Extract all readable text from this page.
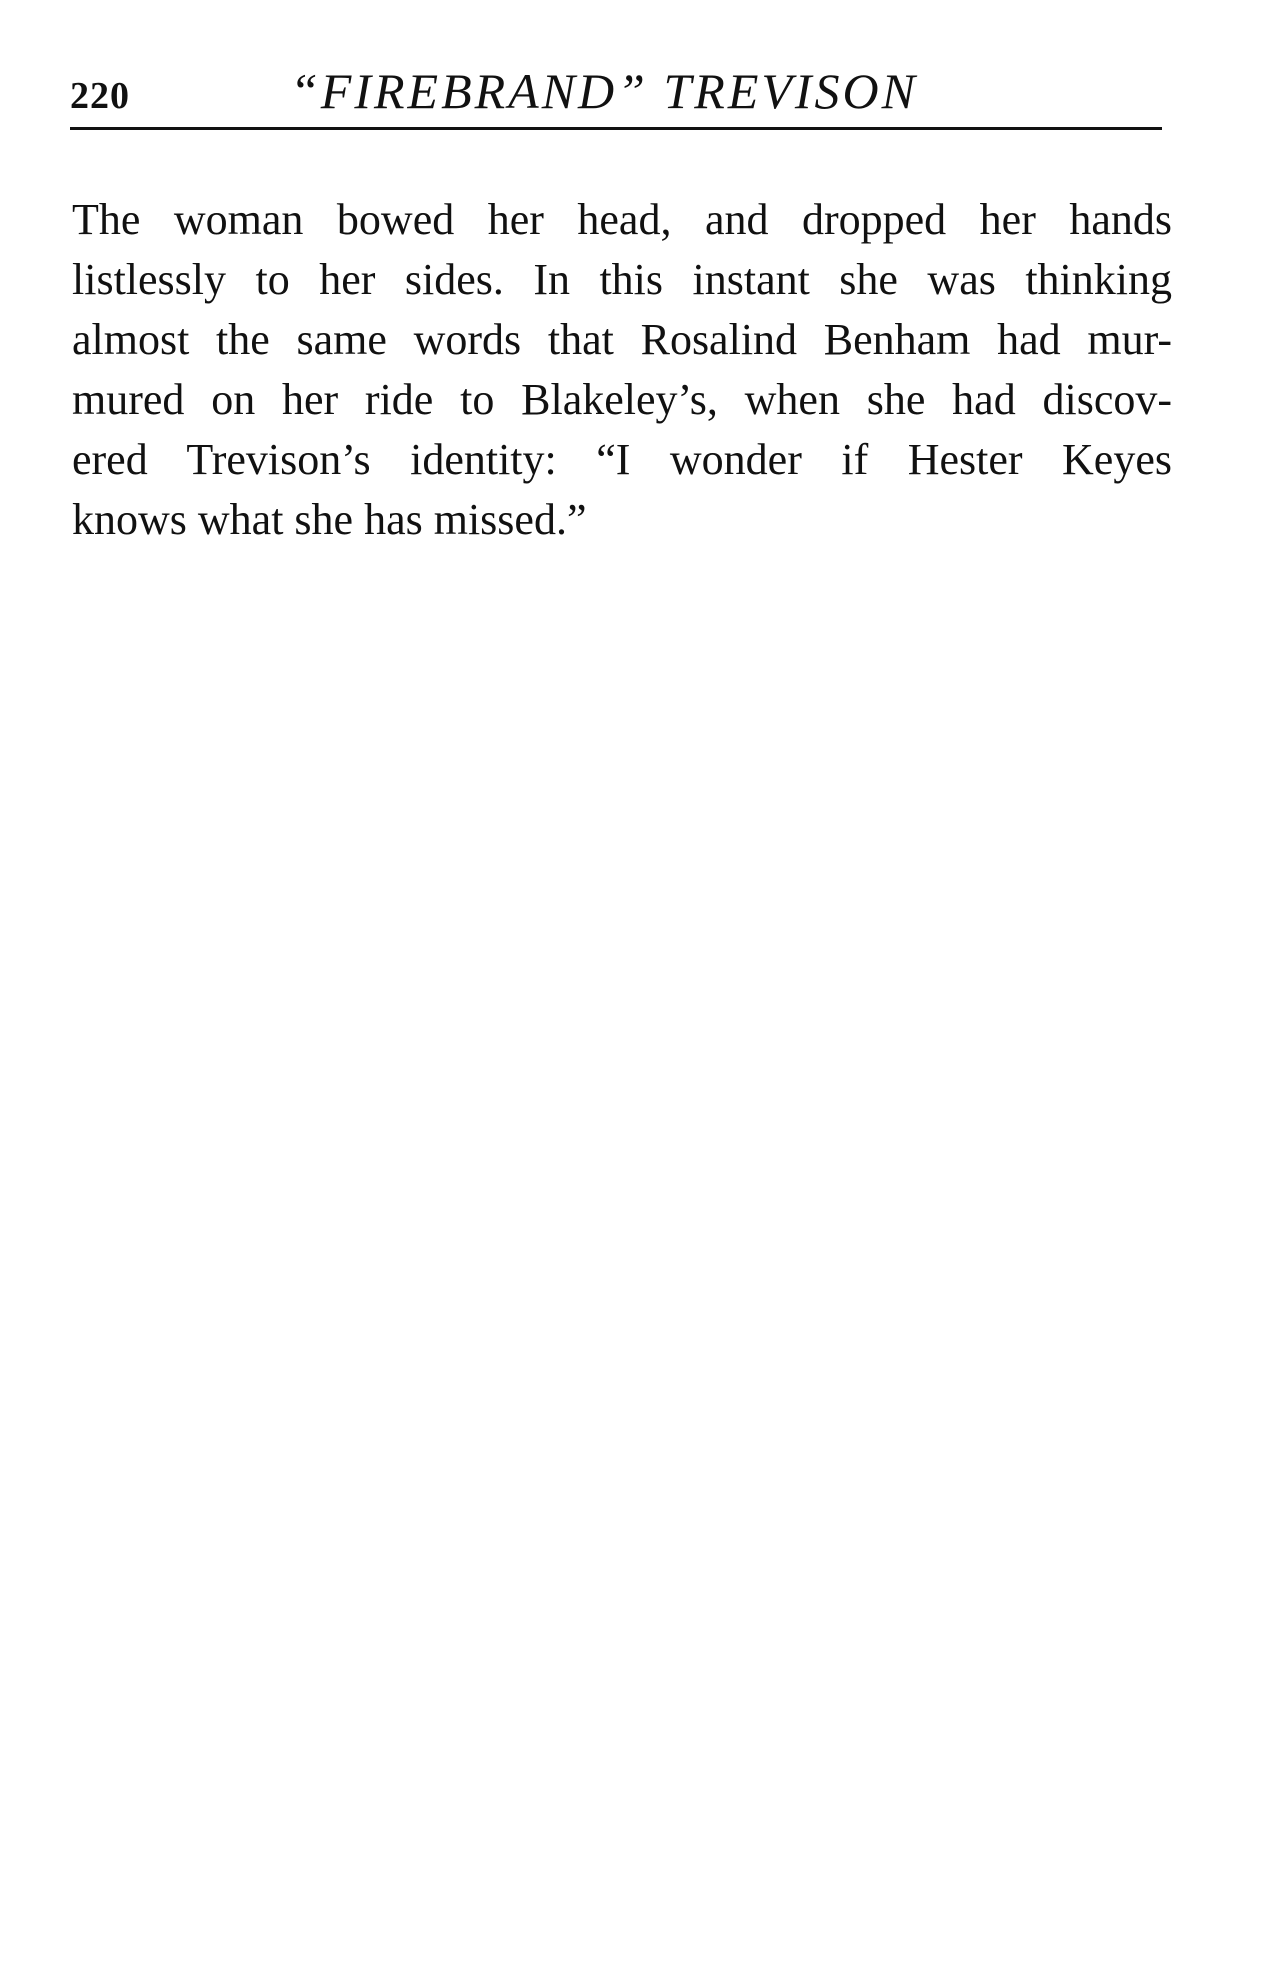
220	“FIREBRAND” TREVISON
The woman bowed her head, and dropped her hands
listlessly to her sides. In this instant she was thinking
almost the same words that Rosalind Benham had mur-
mured on her ride to Blakeley’s, when she had discov-
ered Trevison’s identity: “I wonder if Hester Keyes
knows what she has missed.”
